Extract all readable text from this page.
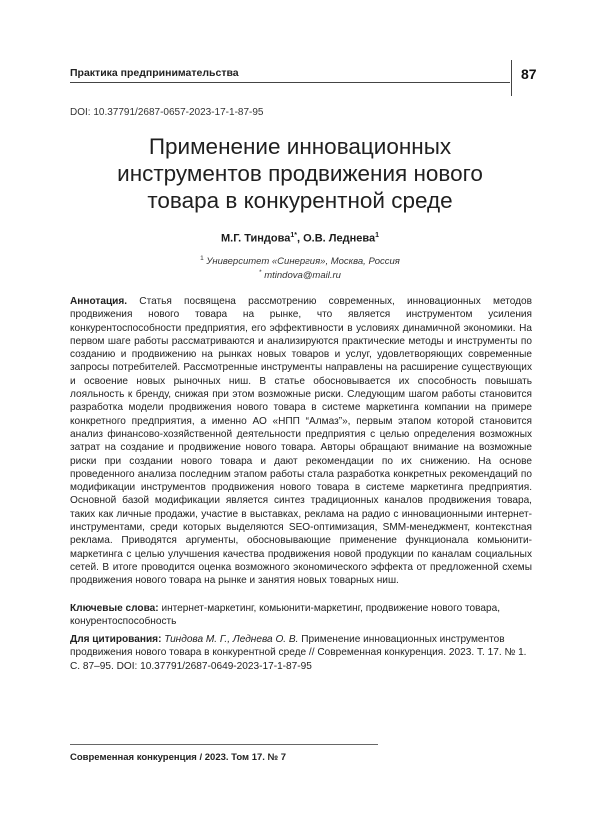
Практика предпринимательства	87
DOI: 10.37791/2687-0657-2023-17-1-87-95
Применение инновационных
инструментов продвижения нового
товара в конкурентной среде
М.Г. Тиндова$^{1*}$, О.В. Леднева$^1$
$^1$ Университет «Синергия», Москва, Россия
* mtindova@mail.ru

Аннотация. Статья посвящена рассмотрению современных, инновационных методов продвижения нового товара на рынке, что является инструментом усиления конкурентоспособности предприятия, его эффективности в условиях динамичной экономики. На первом шаге работы рассматриваются и анализируются практические методы и инструменты по созданию и продвижению на рынках новых товаров и услуг, удовлетворяющих современные запросы потребителей. Рассмотренные инструменты направлены на расширение существующих и освоение новых рыночных ниш. В статье обосновывается их способность повышать лояльность к бренду, снижая при этом возможные риски. Следующим шагом работы становится разработка модели продвижения нового товара в системе маркетинга компании на примере конкретного предприятия, а именно АО «НПП “Алмаз”», первым этапом которой становится анализ финансово-хозяйственной деятельности предприятия с целью определения возможных затрат на создание и продвижение нового товара. Авторы обращают внимание на возможные риски при создании нового товара и дают рекомендации по их снижению. На основе проведенного анализа последним этапом работы стала разработка конкретных рекомендаций по модификации инструментов продвижения нового товара в системе маркетинга предприятия. Основной базой модификации является синтез традиционных каналов продвижения товара, таких как личные продажи, участие в выставках, реклама на радио с инновационными интернет-инструментами, среди которых выделяются SEO-оптимизация, SMM-менеджмент, контекстная реклама. Приводятся аргументы, обосновывающие применение функционала комьюнити-маркетинга с целью улучшения качества продвижения новой продукции по каналам социальных сетей. В итоге проводится оценка возможного экономического эффекта от предложенной схемы продвижения нового товара на рынке и занятия новых товарных ниш.

Ключевые слова: интернет-маркетинг, комьюнити-маркетинг, продвижение нового товара, конурентоспособность

Для цитирования: Тиндова М. Г., Леднева О. В. Применение инновационных инструментов продвижения нового товара в конкурентной среде // Современная конкуренция. 2023. Т. 17. № 1. С. 87–95. DOI: 10.37791/2687-0649-2023-17-1-87-95

Современная конкуренция / 2023. Том 17. № 7
